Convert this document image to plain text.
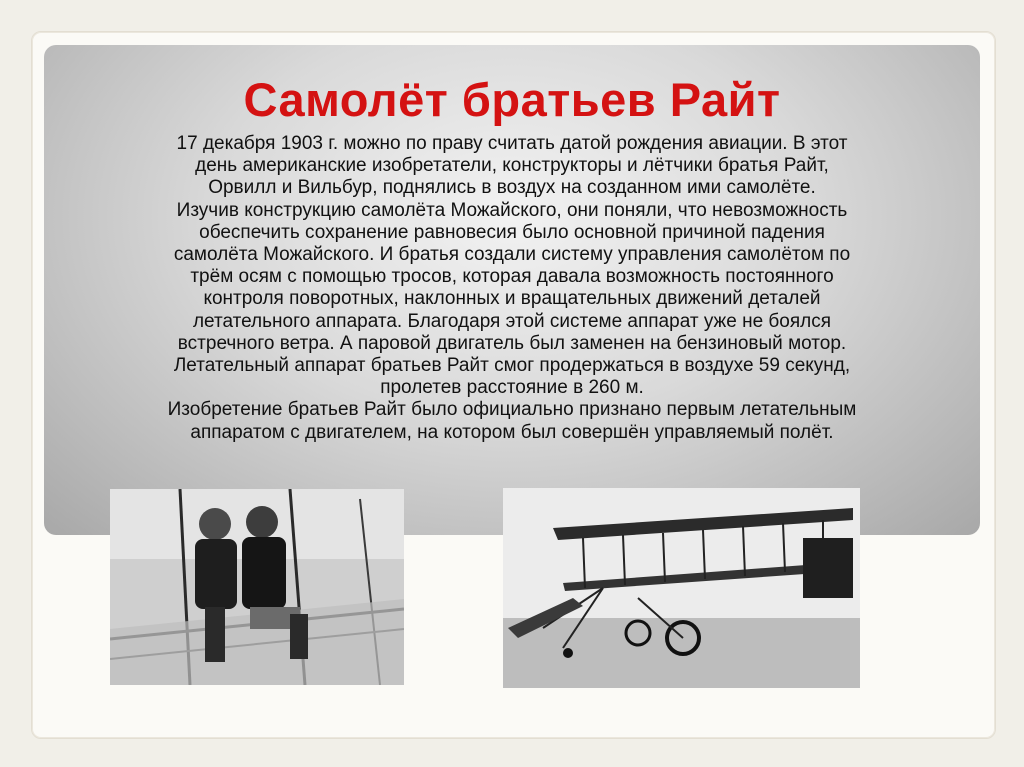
Самолёт братьев Райт
17 декабря 1903 г. можно по праву считать датой рождения авиации. В этот
день американские изобретатели, конструкторы и лётчики братья Райт,
Орвилл и Вильбур, поднялись в воздух на созданном ими самолёте.
Изучив конструкцию самолёта Можайского, они поняли, что невозможность
обеспечить сохранение равновесия было основной причиной падения
самолёта Можайского. И братья создали систему управления самолётом по
трём осям с помощью тросов, которая давала возможность постоянного
контроля поворотных, наклонных и вращательных движений деталей
летательного аппарата. Благодаря этой системе аппарат уже не боялся
встречного ветра. А паровой двигатель был заменен на бензиновый мотор.
Летательный аппарат братьев Райт смог продержаться в воздухе 59 секунд,
пролетев расстояние в 260 м.
Изобретение братьев Райт было официально признано первым летательным
аппаратом с двигателем, на котором был совершён управляемый полёт.
